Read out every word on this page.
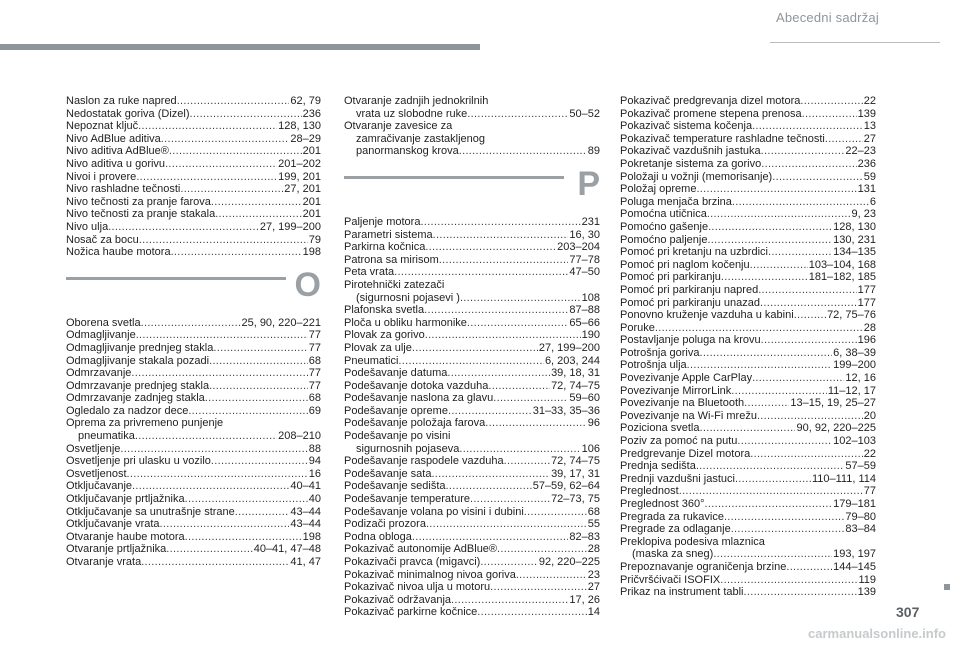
Abecedni sadržaj
Naslon za ruke napred .....	62, 79
Nedostatak goriva (Dizel) .....	236
Nepoznat ključ .....	128, 130
Nivo AdBlue aditiva .....	28–29
Nivo aditiva AdBlue® .....	201
Nivo aditiva u gorivu .....	201–202
Nivoi i provere .....	199, 201
Nivo rashladne tečnosti .....	27, 201
Nivo tečnosti za pranje farova .....	201
Nivo tečnosti za pranje stakala .....	201
Nivo ulja .....	27, 199–200
Nosač za bocu .....	79
Nožica haube motora .....	198
O
Oborena svetla .....	25, 90, 220–221
Odmagljivanje .....	77
Odmagljivanje prednjeg stakla .....	77
Odmagljivanje stakala pozadi .....	68
Odmrzavanje .....	77
Odmrzavanje prednjeg stakla .....	77
Odmrzavanje zadnjeg stakla .....	68
Ogledalo za nadzor dece .....	69
Oprema za privremeno punjenje
pneumatika .....	208–210
Osvetljenje .....	88
Osvetljenje pri ulasku u vozilo .....	94
Osvetljenost .....	16
Otključavanje .....	40–41
Otključavanje prtljažnika .....	40
Otključavanje sa unutrašnje strane .....	43–44
Otključavanje vrata .....	43–44
Otvaranje haube motora .....	198
Otvaranje prtljažnika .....	40–41, 47–48
Otvaranje vrata .....	41, 47
Otvaranje zadnjih jednokrilnih
vrata uz slobodne ruke .....	50–52
Otvaranje zavesice za
zamračivanje zastakljenog
panormanskog krova .....	89
P
Paljenje motora .....	231
Parametri sistema .....	16, 30
Parkirna kočnica .....	203–204
Patrona sa mirisom .....	77–78
Peta vrata .....	47–50
Pirotehnički zatezači
(sigurnosni pojasevi ) .....	108
Plafonska svetla .....	87–88
Ploča u obliku harmonike .....	65–66
Plovak za gorivo .....	190
Plovak za ulje .....	27, 199–200
Pneumatici .....	6, 203, 244
Podešavanje datuma .....	39, 18, 31
Podešavanje dotoka vazduha .....	72, 74–75
Podešavanje naslona za glavu .....	59–60
Podešavanje opreme .....	31–33, 35–36
Podešavanje položaja farova .....	96
Podešavanje po visini
sigurnosnih pojaseva .....	106
Podešavanje raspodele vazduha .....	72, 74–75
Podešavanje sata .....	39, 17, 31
Podešavanje sedišta .....	57–59, 62–64
Podešavanje temperature .....	72–73, 75
Podešavanje volana po visini i dubini .....	68
Podizači prozora .....	55
Podna obloga .....	82–83
Pokazivač autonomije AdBlue® .....	28
Pokazivači pravca (migavci) .....	92, 220–225
Pokazivač minimalnog nivoa goriva .....	23
Pokazivač nivoa ulja u motoru .....	27
Pokazivač održavanja .....	17, 26
Pokazivač parkirne kočnice .....	14
Pokazivač predgrevanja dizel motora .....	22
Pokazivač promene stepena prenosa .....	139
Pokazivač sistema kočenja .....	13
Pokazivač temperature rashladne tečnosti .....	27
Pokazivač vazdušnih jastuka .....	22–23
Pokretanje sistema za gorivo .....	236
Položaji u vožnji (memorisanje) .....	59
Položaj opreme .....	131
Poluga menjača brzina .....	6
Pomoćna utičnica .....	9, 23
Pomoćno gašenje .....	128, 130
Pomoćno paljenje .....	130, 231
Pomoć pri kretanju na uzbrdici .....	134–135
Pomoć pri naglom kočenju .....	103–104, 168
Pomoć pri parkiranju .....	181–182, 185
Pomoć pri parkiranju napred .....	177
Pomoć pri parkiranju unazad .....	177
Ponovno kruženje vazduha u kabini .....	72, 75–76
Poruke .....	28
Postavljanje poluga na krovu .....	196
Potrošnja goriva .....	6, 38–39
Potrošnja ulja .....	199–200
Povezivanje Apple CarPlay .....	12, 16
Povezivanje MirrorLink .....	11–12, 17
Povezivanje na Bluetooth .....	13–15, 19, 25–27
Povezivanje na Wi-Fi mrežu .....	20
Poziciona svetla .....	90, 92, 220–225
Poziv za pomoć na putu .....	102–103
Predgrevanje Dizel motora .....	22
Prednja sedišta .....	57–59
Prednji vazdušni jastuci .....	110–111, 114
Preglednost .....	77
Preglednost 360° .....	179–181
Pregrada za rukavice .....	79–80
Pregrade za odlaganje .....	83–84
Preklopiva podesiva mlaznica
(maska za sneg) .....	193, 197
Prepoznavanje ograničenja brzine .....	144–145
Pričvršćivači ISOFIX .....	119
Prikaz na instrument tabli .....	139
307
carmanualsonline.info
